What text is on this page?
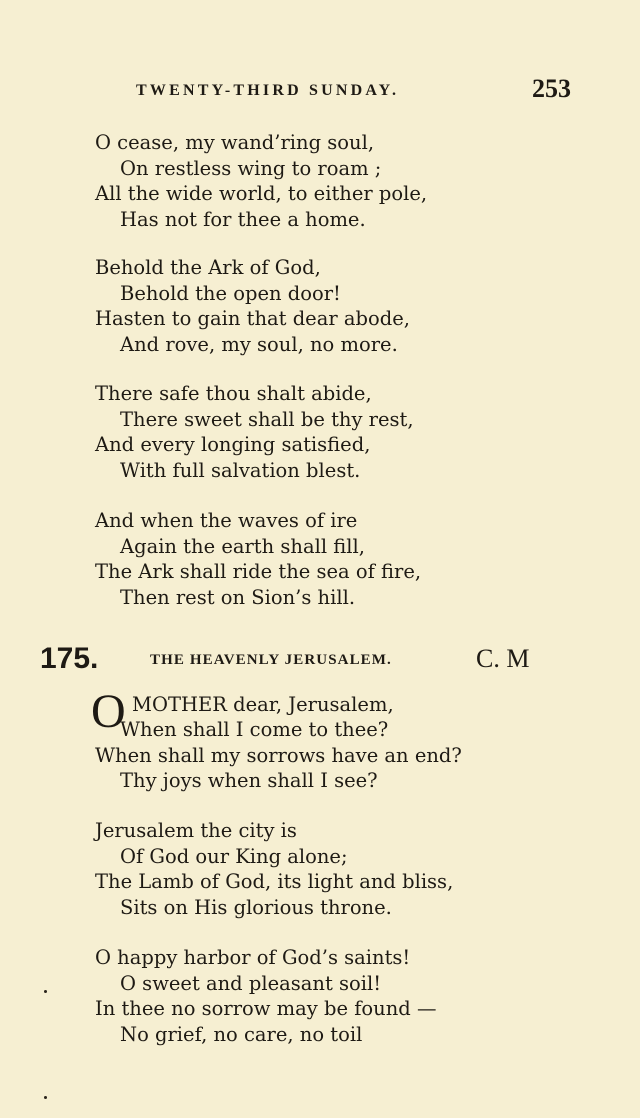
TWENTY-THIRD SUNDAY.	253
O cease, my wand’ring soul,
On restless wing to roam ;
All the wide world, to either pole,
Has not for thee a home.
Behold the Ark of God,
Behold the open door!
Hasten to gain that dear abode,
And rove, my soul, no more.
There safe thou shalt abide,
There sweet shall be thy rest,
And every longing satisfied,
With full salvation blest.
And when the waves of ire
Again the earth shall fill,
The Ark shall ride the sea of fire,
Then rest on Sion’s hill.
175.	THE HEAVENLY JERUSALEM.	C. M
O MOTHER dear, Jerusalem,
When shall I come to thee?
When shall my sorrows have an end?
Thy joys when shall I see?
Jerusalem the city is
Of God our King alone;
The Lamb of God, its light and bliss,
Sits on His glorious throne.
O happy harbor of God’s saints!
O sweet and pleasant soil!
In thee no sorrow may be found —
No grief, no care, no toil
